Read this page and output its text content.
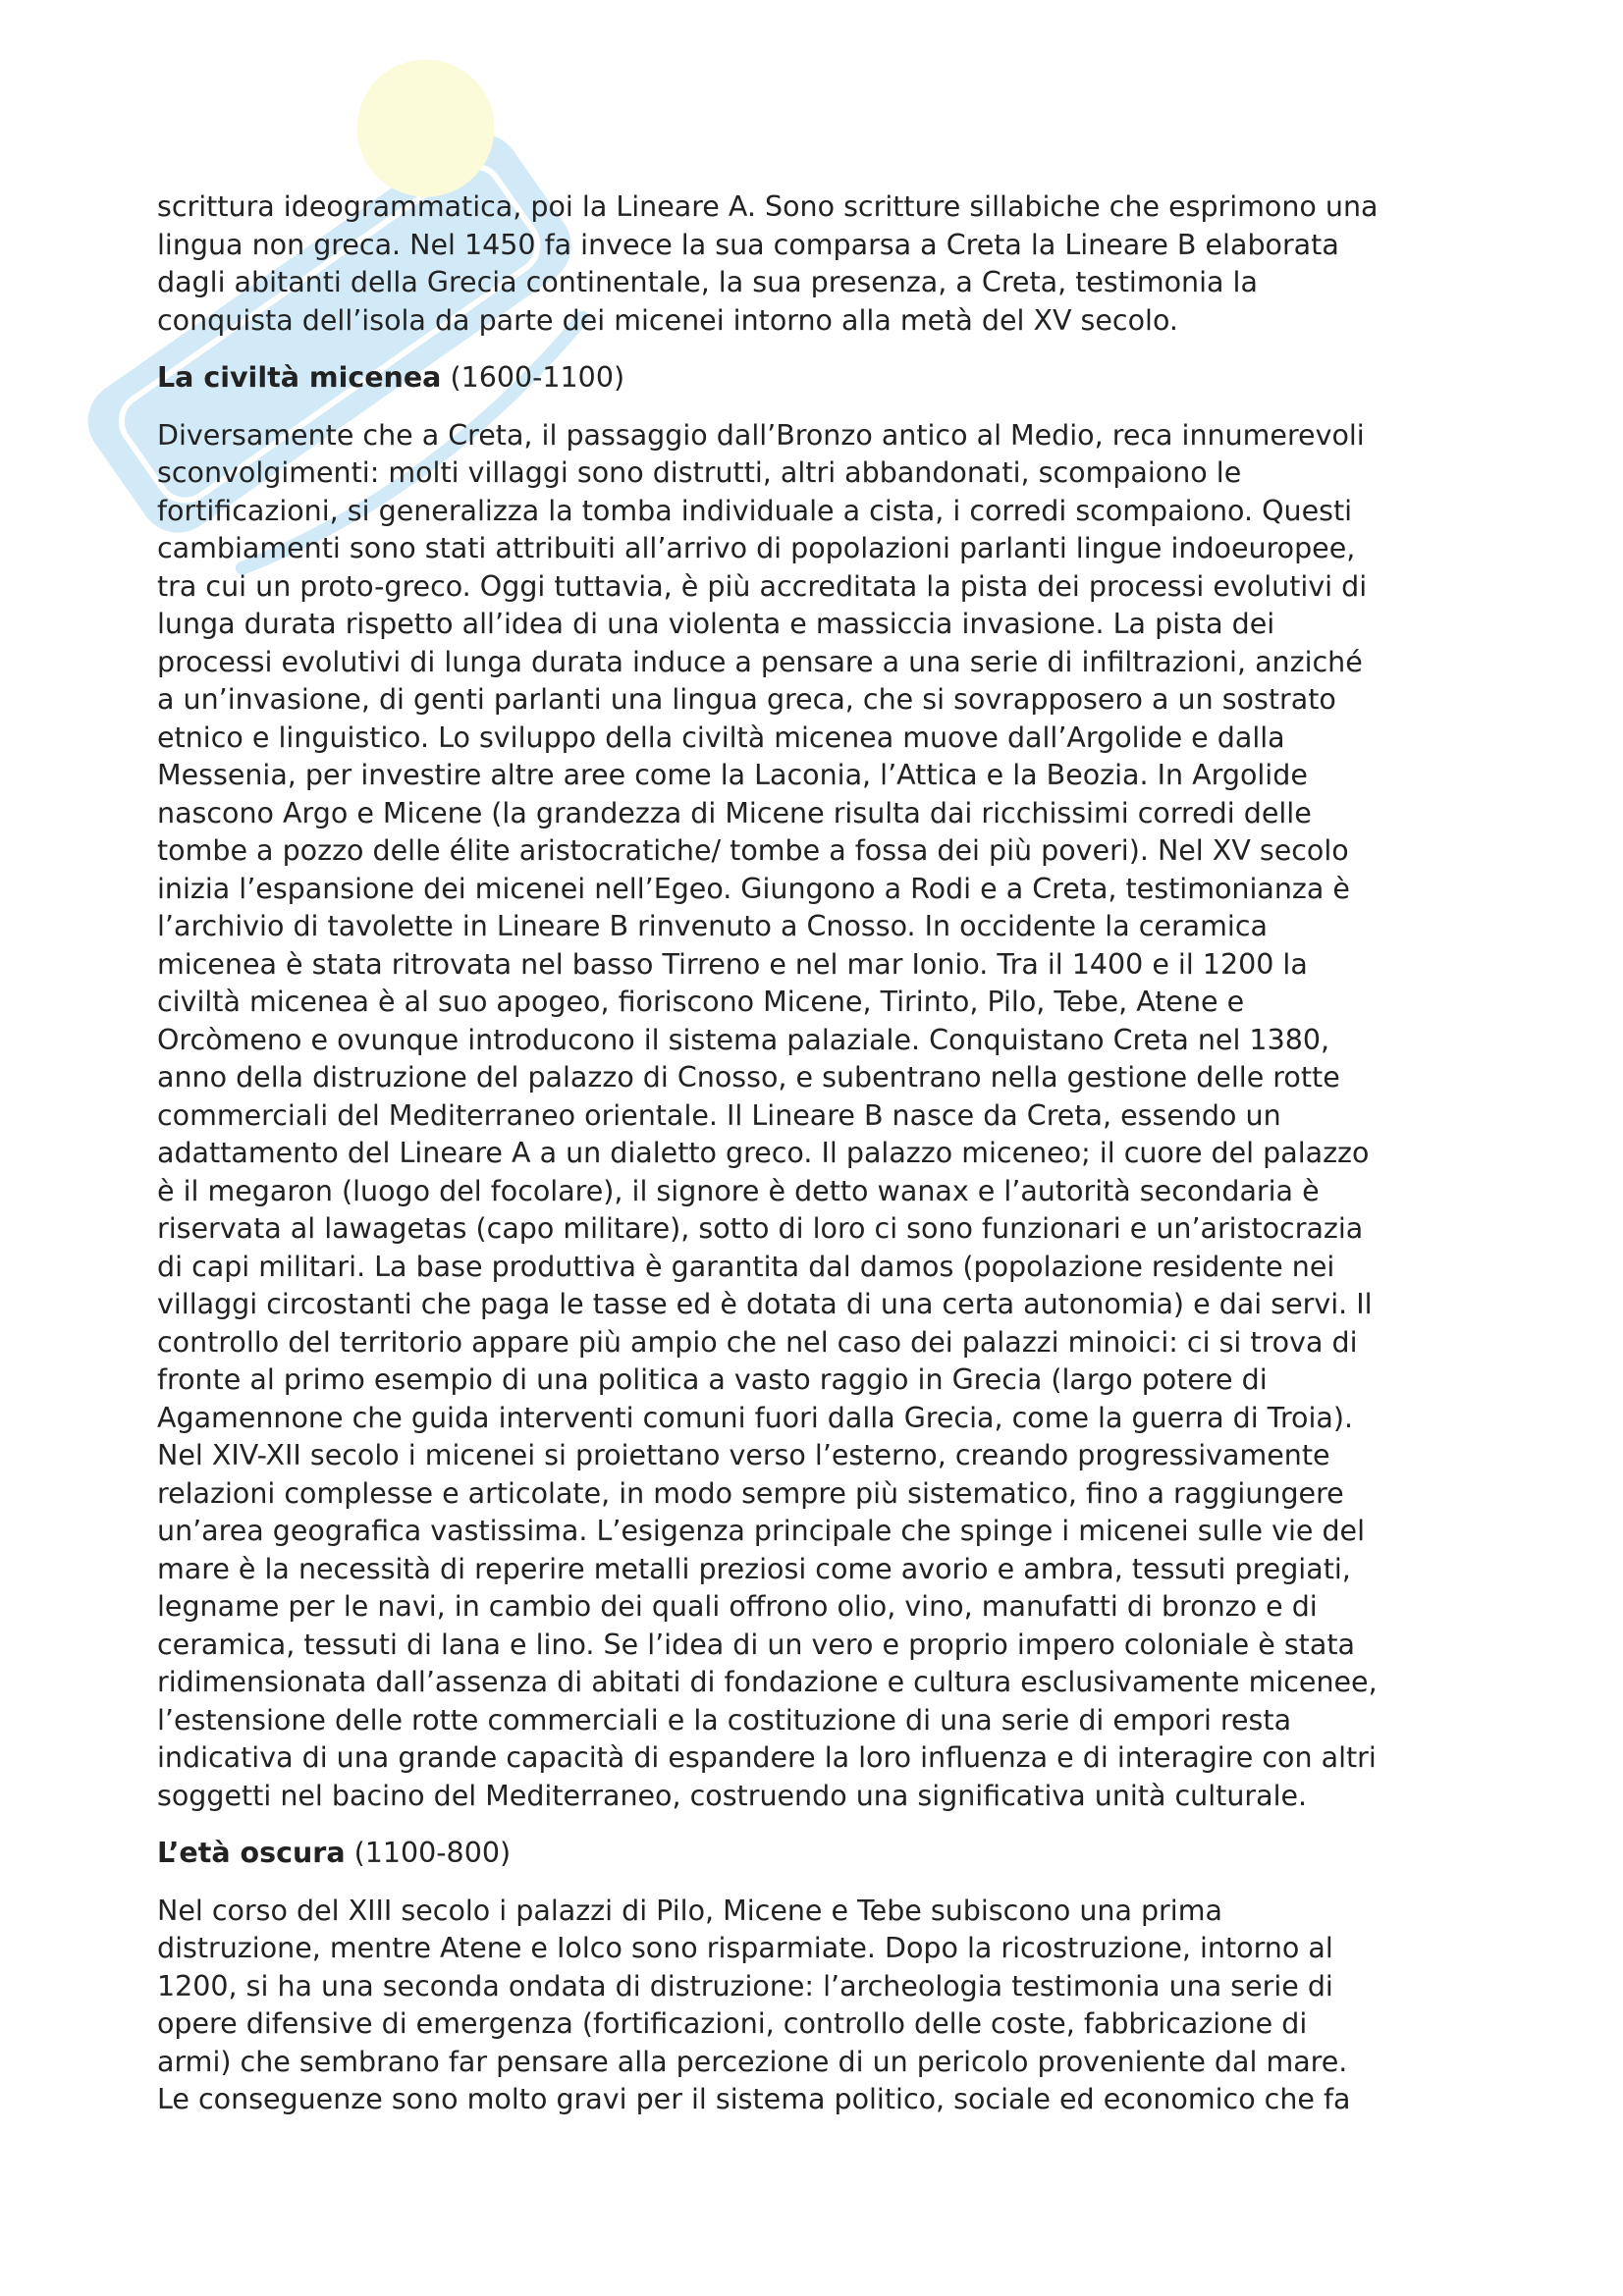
scrittura ideogrammatica, poi la Lineare A. Sono scritture sillabiche che esprimono una
lingua non greca. Nel 1450 fa invece la sua comparsa a Creta la Lineare B elaborata
dagli abitanti della Grecia continentale, la sua presenza, a Creta, testimonia la
conquista dell’isola da parte dei micenei intorno alla metà del XV secolo.

La civiltà micenea (1600-1100)

Diversamente che a Creta, il passaggio dall’Bronzo antico al Medio, reca innumerevoli
sconvolgimenti: molti villaggi sono distrutti, altri abbandonati, scompaiono le
fortificazioni, si generalizza la tomba individuale a cista, i corredi scompaiono. Questi
cambiamenti sono stati attribuiti all’arrivo di popolazioni parlanti lingue indoeuropee,
tra cui un proto-greco. Oggi tuttavia, è più accreditata la pista dei processi evolutivi di
lunga durata rispetto all’idea di una violenta e massiccia invasione. La pista dei
processi evolutivi di lunga durata induce a pensare a una serie di infiltrazioni, anziché
a un’invasione, di genti parlanti una lingua greca, che si sovrapposero a un sostrato
etnico e linguistico. Lo sviluppo della civiltà micenea muove dall’Argolide e dalla
Messenia, per investire altre aree come la Laconia, l’Attica e la Beozia. In Argolide
nascono Argo e Micene (la grandezza di Micene risulta dai ricchissimi corredi delle
tombe a pozzo delle élite aristocratiche/ tombe a fossa dei più poveri). Nel XV secolo
inizia l’espansione dei micenei nell’Egeo. Giungono a Rodi e a Creta, testimonianza è
l’archivio di tavolette in Lineare B rinvenuto a Cnosso. In occidente la ceramica
micenea è stata ritrovata nel basso Tirreno e nel mar Ionio. Tra il 1400 e il 1200 la
civiltà micenea è al suo apogeo, fioriscono Micene, Tirinto, Pilo, Tebe, Atene e
Orcòmeno e ovunque introducono il sistema palaziale. Conquistano Creta nel 1380,
anno della distruzione del palazzo di Cnosso, e subentrano nella gestione delle rotte
commerciali del Mediterraneo orientale. Il Lineare B nasce da Creta, essendo un
adattamento del Lineare A a un dialetto greco. Il palazzo miceneo; il cuore del palazzo
è il megaron (luogo del focolare), il signore è detto wanax e l’autorità secondaria è
riservata al lawagetas (capo militare), sotto di loro ci sono funzionari e un’aristocrazia
di capi militari. La base produttiva è garantita dal damos (popolazione residente nei
villaggi circostanti che paga le tasse ed è dotata di una certa autonomia) e dai servi. Il
controllo del territorio appare più ampio che nel caso dei palazzi minoici: ci si trova di
fronte al primo esempio di una politica a vasto raggio in Grecia (largo potere di
Agamennone che guida interventi comuni fuori dalla Grecia, come la guerra di Troia).
Nel XIV-XII secolo i micenei si proiettano verso l’esterno, creando progressivamente
relazioni complesse e articolate, in modo sempre più sistematico, fino a raggiungere
un’area geografica vastissima. L’esigenza principale che spinge i micenei sulle vie del
mare è la necessità di reperire metalli preziosi come avorio e ambra, tessuti pregiati,
legname per le navi, in cambio dei quali offrono olio, vino, manufatti di bronzo e di
ceramica, tessuti di lana e lino. Se l’idea di un vero e proprio impero coloniale è stata
ridimensionata dall’assenza di abitati di fondazione e cultura esclusivamente micenee,
l’estensione delle rotte commerciali e la costituzione di una serie di empori resta
indicativa di una grande capacità di espandere la loro influenza e di interagire con altri
soggetti nel bacino del Mediterraneo, costruendo una significativa unità culturale.

L’età oscura (1100-800)

Nel corso del XIII secolo i palazzi di Pilo, Micene e Tebe subiscono una prima
distruzione, mentre Atene e Iolco sono risparmiate. Dopo la ricostruzione, intorno al
1200, si ha una seconda ondata di distruzione: l’archeologia testimonia una serie di
opere difensive di emergenza (fortificazioni, controllo delle coste, fabbricazione di
armi) che sembrano far pensare alla percezione di un pericolo proveniente dal mare.
Le conseguenze sono molto gravi per il sistema politico, sociale ed economico che fa
